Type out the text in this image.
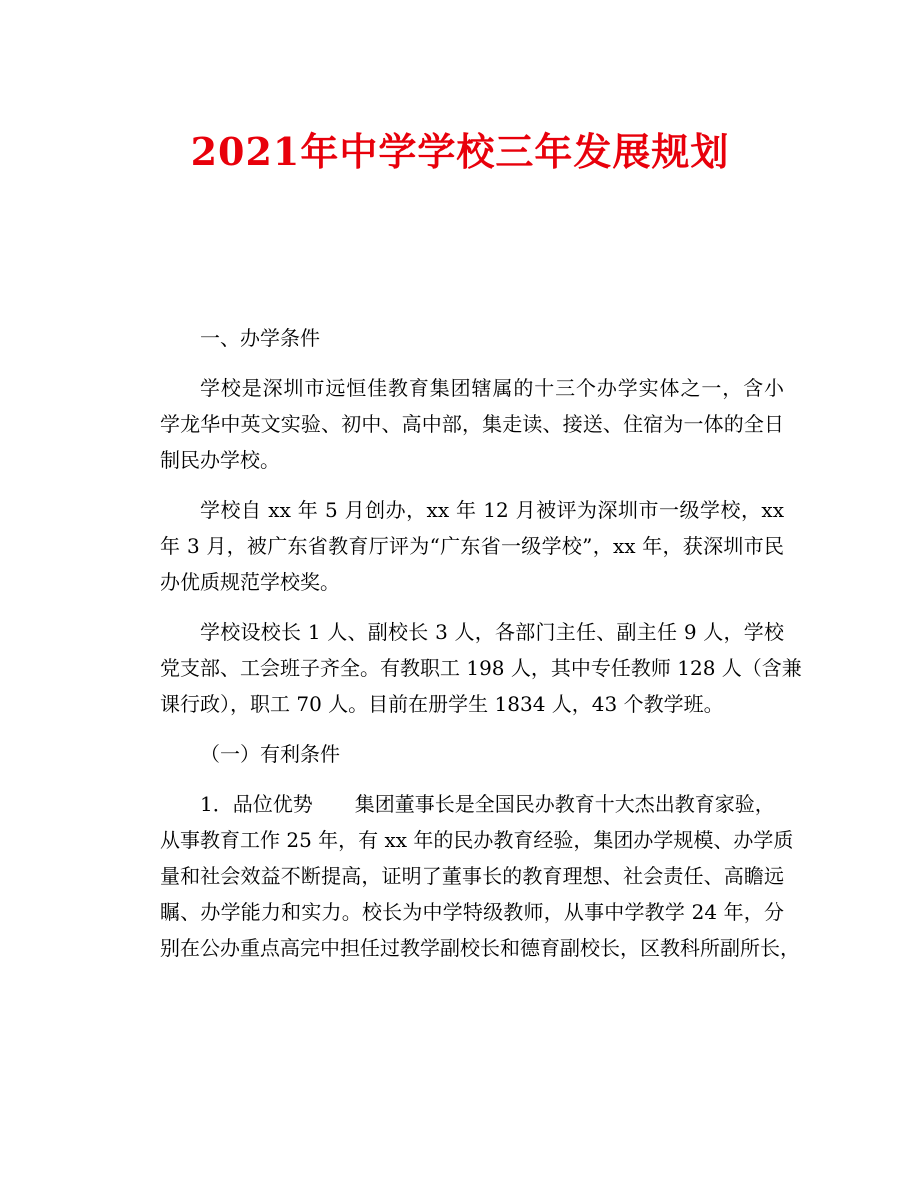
2021年中学学校三年发展规划
一、办学条件
学校是深圳市远恒佳教育集团辖属的十三个办学实体之一，含小
学龙华中英文实验、初中、高中部，集走读、接送、住宿为一体的全日
制民办学校。
学校自 xx 年 5 月创办，xx 年 12 月被评为深圳市一级学校，xx
年 3 月，被广东省教育厅评为“广东省一级学校”，xx 年，获深圳市民
办优质规范学校奖。
学校设校长 1 人、副校长 3 人，各部门主任、副主任 9 人，学校
党支部、工会班子齐全。有教职工 198 人，其中专任教师 128 人（含兼
课行政），职工 70 人。目前在册学生 1834 人，43 个教学班。
（一）有利条件
1．品位优势 集团董事长是全国民办教育十大杰出教育家验，
从事教育工作 25 年，有 xx 年的民办教育经验，集团办学规模、办学质
量和社会效益不断提高，证明了董事长的教育理想、社会责任、高瞻远
瞩、办学能力和实力。校长为中学特级教师，从事中学教学 24 年，分
别在公办重点高完中担任过教学副校长和德育副校长，区教科所副所长，
